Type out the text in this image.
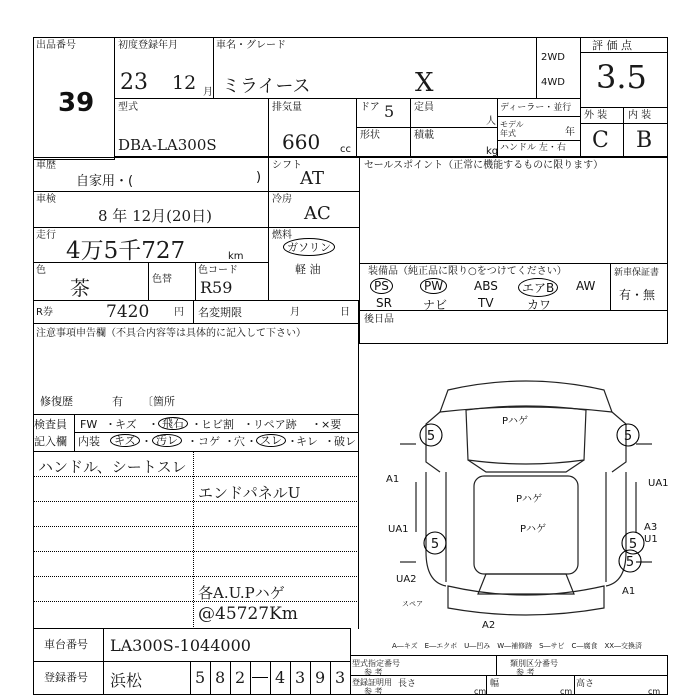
出品番号
39
初度登録年月
23 12 月
車名・グレード
ミライース	X
2WD
4WD
評 価 点
3.5
外 装 内 装
C B
型式
DBA-LA300S
排気量
660 cc
ドア 5 定員
人
形状	積載
kg
ディーラー・並行
モデル
年式	年
ハンドル 左・右
車歴
自家用・(	)
車検
8 年 12月(20日)
走行
4万5千727	km
色
茶	色替
色コード
R59
R券	7420 円 名変期限	月	日
シフト
AT
冷房
AC
燃料
ガソリン
軽 油
セールスポイント（正常に機能するものに限ります）
装備品（純正品に限り○をつけてください）	新車保証書
有・無
PS	PW	ABS	エアB	AW
SR	ナビ	TV	カワ
後日品
注意事項申告欄（不具合内容等は具体的に記入して下さい）
修復歴	有 〔箇所
検査員
記入欄
FW キズ	飛石	ヒビ割 リペア跡 ×要
内装	キズ	汚レ	コゲ 穴	スレ	キレ 破レ
・	・	・	・	・
・	・ ・ ・	・ ・
ハンドル、シートスレ
エンドパネルU
各A.U.Pハゲ
@45727Km
5	5
5	5
5
Pハゲ
Pハゲ
Pハゲ
A1	UA1
UA1	A3
U1
UA2
A1
A2
スペア
A―キズ　E―エクボ　U―凹み　W―補修跡　S―サビ　C―腐食　XX―交換済
車台番号 LA300S-1044000
登録番号 浜松	5 8 2 4 3 9 3
型式指定番号
参 考
類別区分番号
参 考
登録証明用
参 考
長さ
cm
幅
cm
高さ
cm
